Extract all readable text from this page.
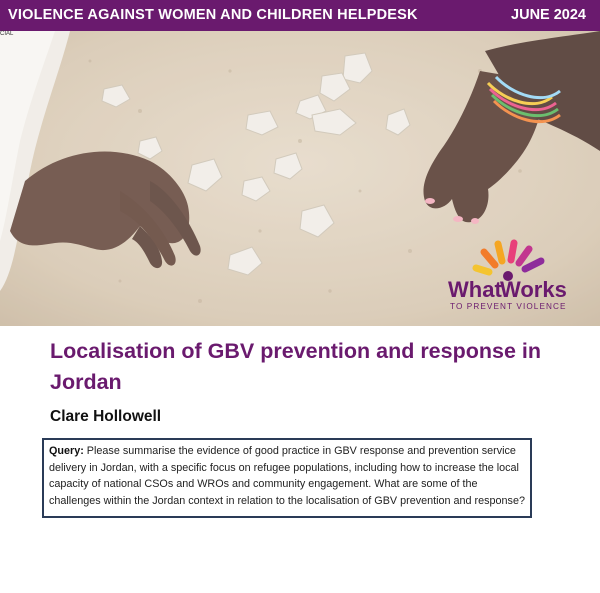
VIOLENCE AGAINST WOMEN AND CHILDREN HELPDESK	JUNE 2024
CIAL
What
Works
TO PREVENT VIOLENCE
Localisation of GBV prevention and response in Jordan
Clare Hollowell
Query: Please summarise the evidence of good practice in GBV response and prevention service delivery in Jordan, with a specific focus on refugee populations, including how to increase the local capacity of national CSOs and WROs and community engagement. What are some of the challenges within the Jordan context in relation to the localisation of GBV prevention and response?
